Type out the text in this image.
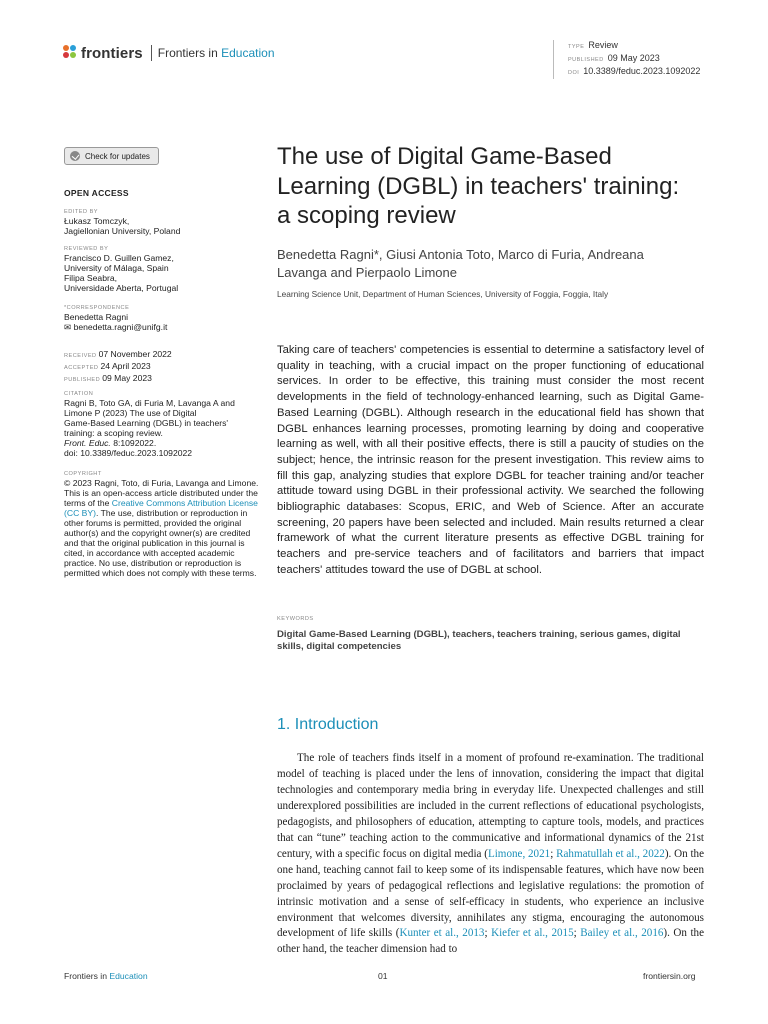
frontiers Frontiers in Education	TYPE Review
PUBLISHED 09 May 2023
DOI 10.3389/feduc.2023.1092022
Check for updates
OPEN ACCESS
EDITED BY
Łukasz Tomczyk,
Jagiellonian University, Poland
REVIEWED BY
Francisco D. Guillen Gamez,
University of Málaga, Spain
Filipa Seabra,
Universidade Aberta, Portugal
*CORRESPONDENCE
Benedetta Ragni
✉ benedetta.ragni@unifg.it
RECEIVED 07 November 2022
ACCEPTED 24 April 2023
PUBLISHED 09 May 2023
CITATION
Ragni B, Toto GA, di Furia M, Lavanga A and
Limone P (2023) The use of Digital
Game-Based Learning (DGBL) in teachers'
training: a scoping review.
Front. Educ. 8:1092022.
doi: 10.3389/feduc.2023.1092022
COPYRIGHT
© 2023 Ragni, Toto, di Furia, Lavanga and Limone. This is an open-access article distributed under the terms of the Creative Commons Attribution License (CC BY). The use, distribution or reproduction in other forums is permitted, provided the original author(s) and the copyright owner(s) are credited and that the original publication in this journal is cited, in accordance with accepted academic practice. No use, distribution or reproduction is permitted which does not comply with these terms.
The use of Digital Game-Based Learning (DGBL) in teachers' training: a scoping review
Benedetta Ragni*, Giusi Antonia Toto, Marco di Furia, Andreana Lavanga and Pierpaolo Limone
Learning Science Unit, Department of Human Sciences, University of Foggia, Foggia, Italy
Taking care of teachers' competencies is essential to determine a satisfactory level of quality in teaching, with a crucial impact on the proper functioning of educational services. In order to be effective, this training must consider the most recent developments in the field of technology-enhanced learning, such as Digital Game-Based Learning (DGBL). Although research in the educational field has shown that DGBL enhances learning processes, promoting learning by doing and cooperative learning as well, with all their positive effects, there is still a paucity of studies on the subject; hence, the intrinsic reason for the present investigation. This review aims to fill this gap, analyzing studies that explore DGBL for teacher training and/or teacher attitude toward using DGBL in their professional activity. We searched the following bibliographic databases: Scopus, ERIC, and Web of Science. After an accurate screening, 20 papers have been selected and included. Main results returned a clear framework of what the current literature presents as effective DGBL training for teachers and pre-service teachers and of facilitators and barriers that impact teachers' attitudes toward the use of DGBL at school.
KEYWORDS
Digital Game-Based Learning (DGBL), teachers, teachers training, serious games, digital skills, digital competencies
1. Introduction
The role of teachers finds itself in a moment of profound re-examination. The traditional model of teaching is placed under the lens of innovation, considering the impact that digital technologies and contemporary media bring in everyday life. Unexpected challenges and still underexplored possibilities are included in the current reflections of educational psychologists, pedagogists, and philosophers of education, attempting to capture tools, models, and practices that can “tune” teaching action to the communicative and informational dynamics of the 21st century, with a specific focus on digital media (Limone, 2021; Rahmatullah et al., 2022). On the one hand, teaching cannot fail to keep some of its indispensable features, which have now been proclaimed by years of pedagogical reflections and legislative regulations: the promotion of intrinsic motivation and a sense of self-efficacy in students, who experience an inclusive environment that welcomes diversity, annihilates any stigma, encouraging the autonomous development of life skills (Kunter et al., 2013; Kiefer et al., 2015; Bailey et al., 2016). On the other hand, the teacher dimension had to
Frontiers in Education	01	frontiersin.org
